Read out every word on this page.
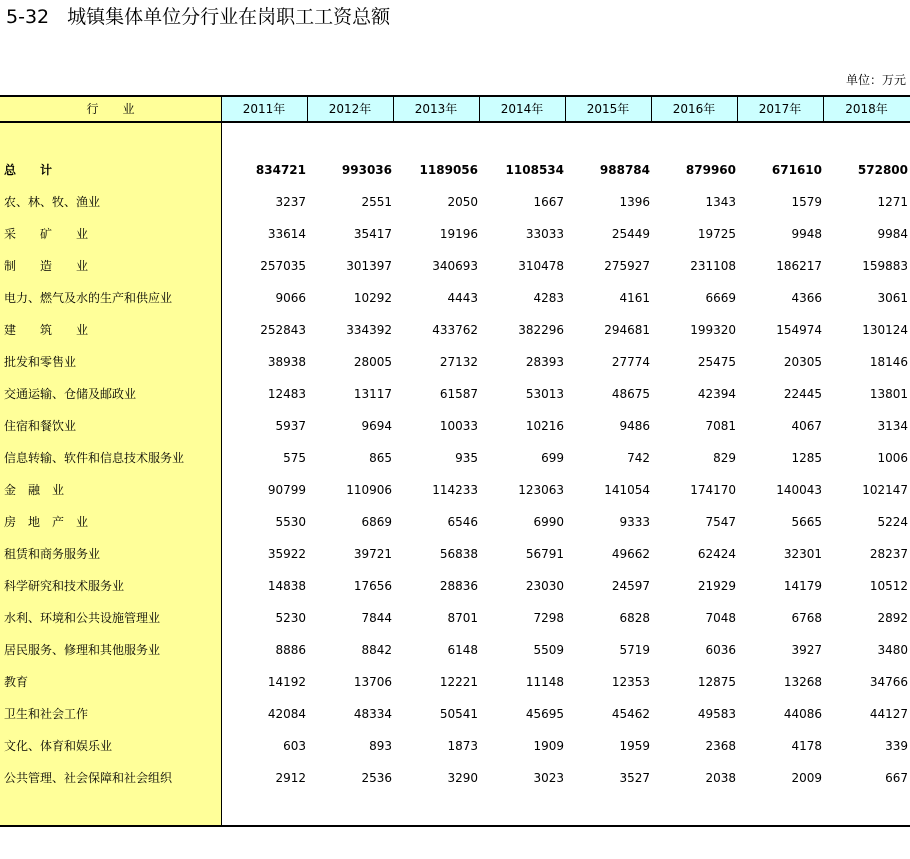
5-32 城镇集体单位分行业在岗职工工资总额
单位：万元
行　　业	2011年	2012年	2013年	2014年	2015年	2016年	2017年	2018年
总　　计	834721	993036	1189056	1108534	988784	879960	671610	572800
农、林、牧、渔业	3237	2551	2050	1667	1396	1343	1579	1271
采　　矿　　业	33614	35417	19196	33033	25449	19725	9948	9984
制　　造　　业	257035	301397	340693	310478	275927	231108	186217	159883
电力、燃气及水的生产和供应业	9066	10292	4443	4283	4161	6669	4366	3061
建　　筑　　业	252843	334392	433762	382296	294681	199320	154974	130124
批发和零售业	38938	28005	27132	28393	27774	25475	20305	18146
交通运输、仓储及邮政业	12483	13117	61587	53013	48675	42394	22445	13801
住宿和餐饮业	5937	9694	10033	10216	9486	7081	4067	3134
信息转输、软件和信息技术服务业	575	865	935	699	742	829	1285	1006
金　融　业	90799	110906	114233	123063	141054	174170	140043	102147
房　地　产　业	5530	6869	6546	6990	9333	7547	5665	5224
租赁和商务服务业	35922	39721	56838	56791	49662	62424	32301	28237
科学研究和技术服务业	14838	17656	28836	23030	24597	21929	14179	10512
水利、环境和公共设施管理业	5230	7844	8701	7298	6828	7048	6768	2892
居民服务、修理和其他服务业	8886	8842	6148	5509	5719	6036	3927	3480
教育	14192	13706	12221	11148	12353	12875	13268	34766
卫生和社会工作	42084	48334	50541	45695	45462	49583	44086	44127
文化、体育和娱乐业	603	893	1873	1909	1959	2368	4178	339
公共管理、社会保障和社会组织	2912	2536	3290	3023	3527	2038	2009	667
